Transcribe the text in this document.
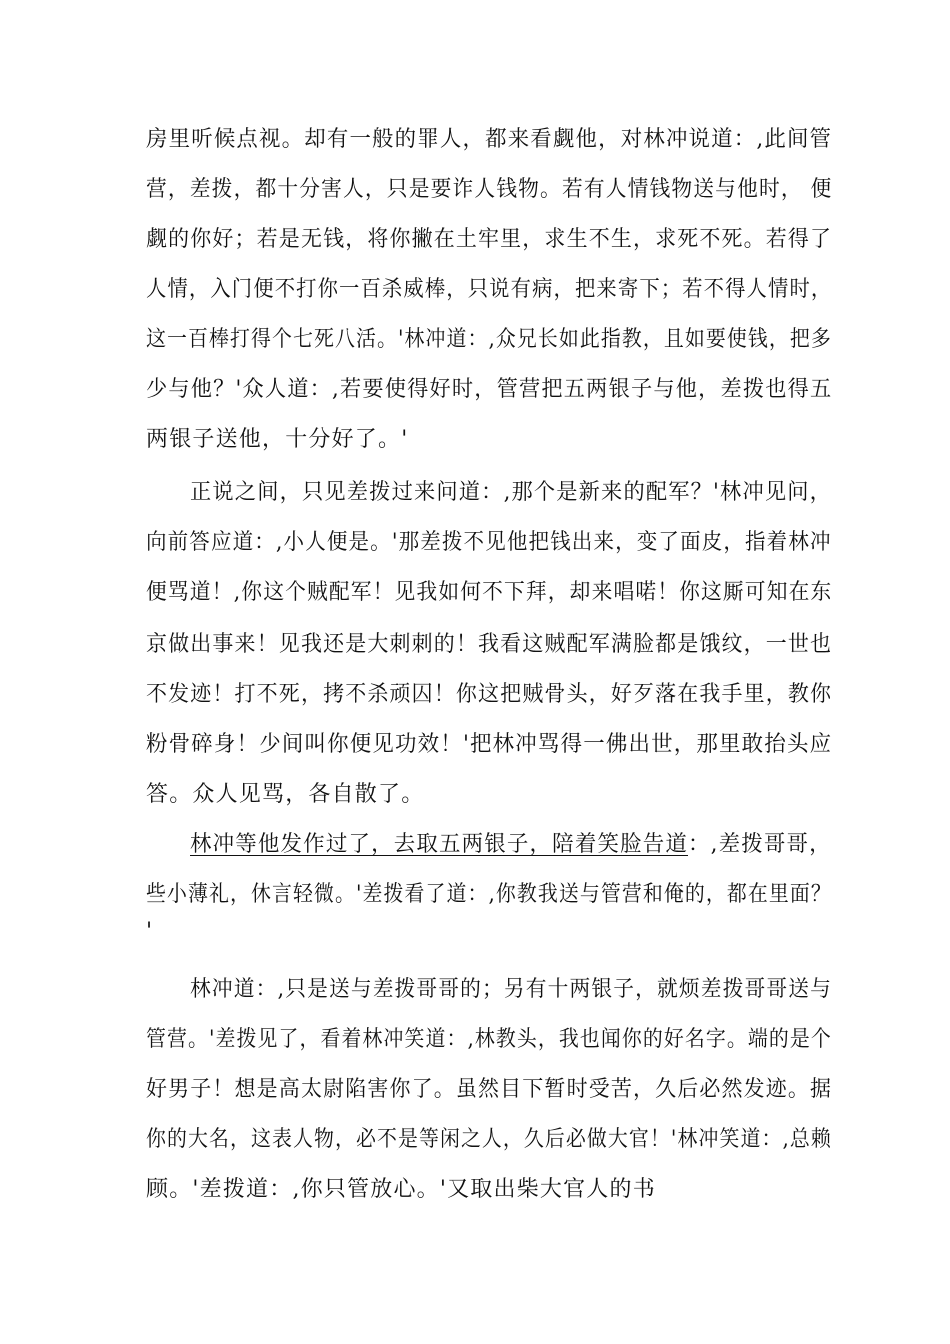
房里听候点视。却有一般的罪人，都来看觑他，对林冲说道：,此间管
营，差拨，都十分害人，只是要诈人钱物。若有人情钱物送与他时， 便
觑的你好；若是无钱，将你撇在土牢里，求生不生，求死不死。若得了
人情，入门便不打你一百杀威棒，只说有病，把来寄下；若不得人情时，
这一百棒打得个七死八活。'林冲道：,众兄长如此指教，且如要使钱，把多
少与他？'众人道：,若要使得好时，管营把五两银子与他，差拨也得五
两银子送他，十分好了。'
正说之间，只见差拨过来问道：,那个是新来的配军？'林冲见问，
向前答应道：,小人便是。'那差拨不见他把钱出来，变了面皮，指着林冲
便骂道！,你这个贼配军！见我如何不下拜，却来唱喏！你这厮可知在东
京做出事来！见我还是大刺刺的！我看这贼配军满脸都是饿纹，一世也
不发迹！打不死，拷不杀顽囚！你这把贼骨头，好歹落在我手里，教你
粉骨碎身！少间叫你便见功效！'把林冲骂得一佛出世，那里敢抬头应
答。众人见骂，各自散了。
林冲等他发作过了，去取五两银子，陪着笑脸告道：,差拨哥哥，
些小薄礼，休言轻微。'差拨看了道：,你教我送与管营和俺的，都在里面？
'
林冲道：,只是送与差拨哥哥的；另有十两银子，就烦差拨哥哥送与
管营。'差拨见了，看着林冲笑道：,林教头，我也闻你的好名字。端的是个
好男子！想是高太尉陷害你了。虽然目下暂时受苦，久后必然发迹。据
你的大名，这表人物，必不是等闲之人，久后必做大官！'林冲笑道：,总赖
顾。'差拨道：,你只管放心。'又取出柴大官人的书
